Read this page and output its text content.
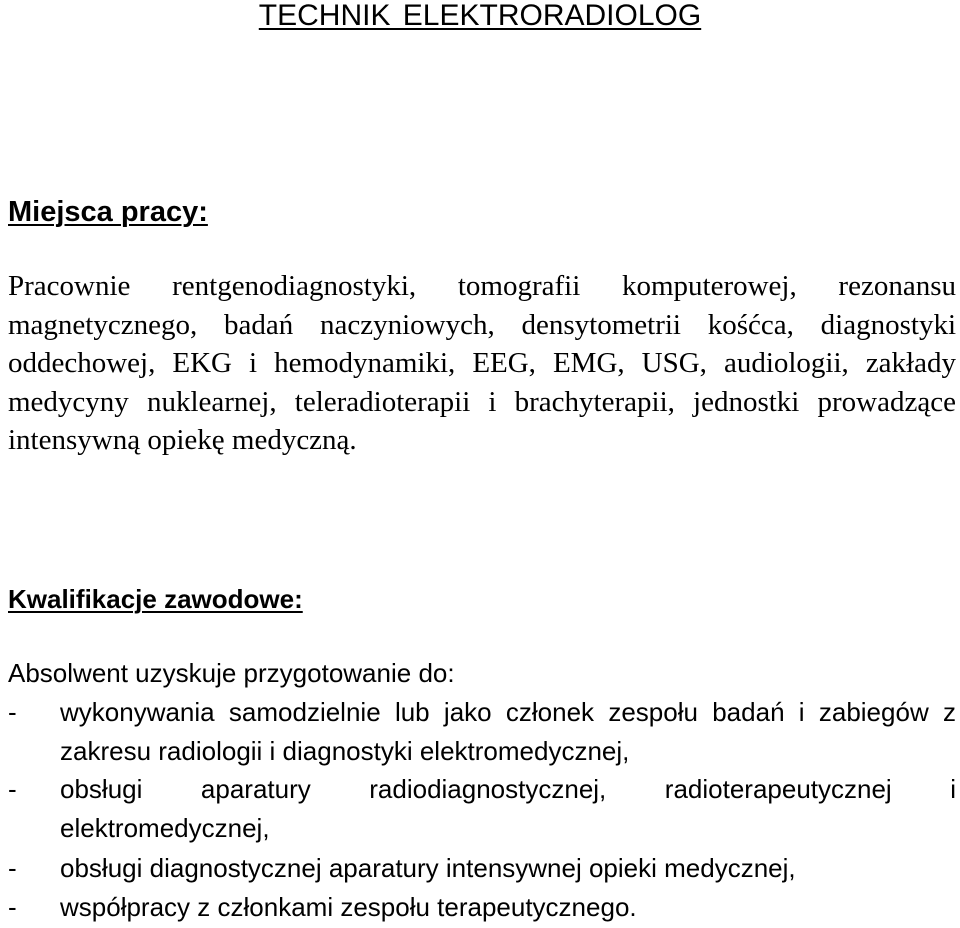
TECHNIK ELEKTRORADIOLOG
Miejsca pracy:

Pracownie rentgenodiagnostyki, tomografii komputerowej, rezonansu magnetycznego, badań naczyniowych, densytometrii kośćca, diagnostyki oddechowej, EKG i hemodynamiki, EEG, EMG, USG, audiologii, zakłady medycyny nuklearnej, teleradioterapii i brachyterapii, jednostki prowadzące intensywną opiekę medyczną.

Kwalifikacje zawodowe:

Absolwent uzyskuje przygotowanie do:

-	wykonywania samodzielnie lub jako członek zespołu badań i zabiegów z zakresu radiologii i diagnostyki elektromedycznej,
-	obsługi aparatury radiodiagnostycznej, radioterapeutycznej i elektromedycznej,
-	obsługi diagnostycznej aparatury intensywnej opieki medycznej,
-	współpracy z członkami zespołu terapeutycznego.
